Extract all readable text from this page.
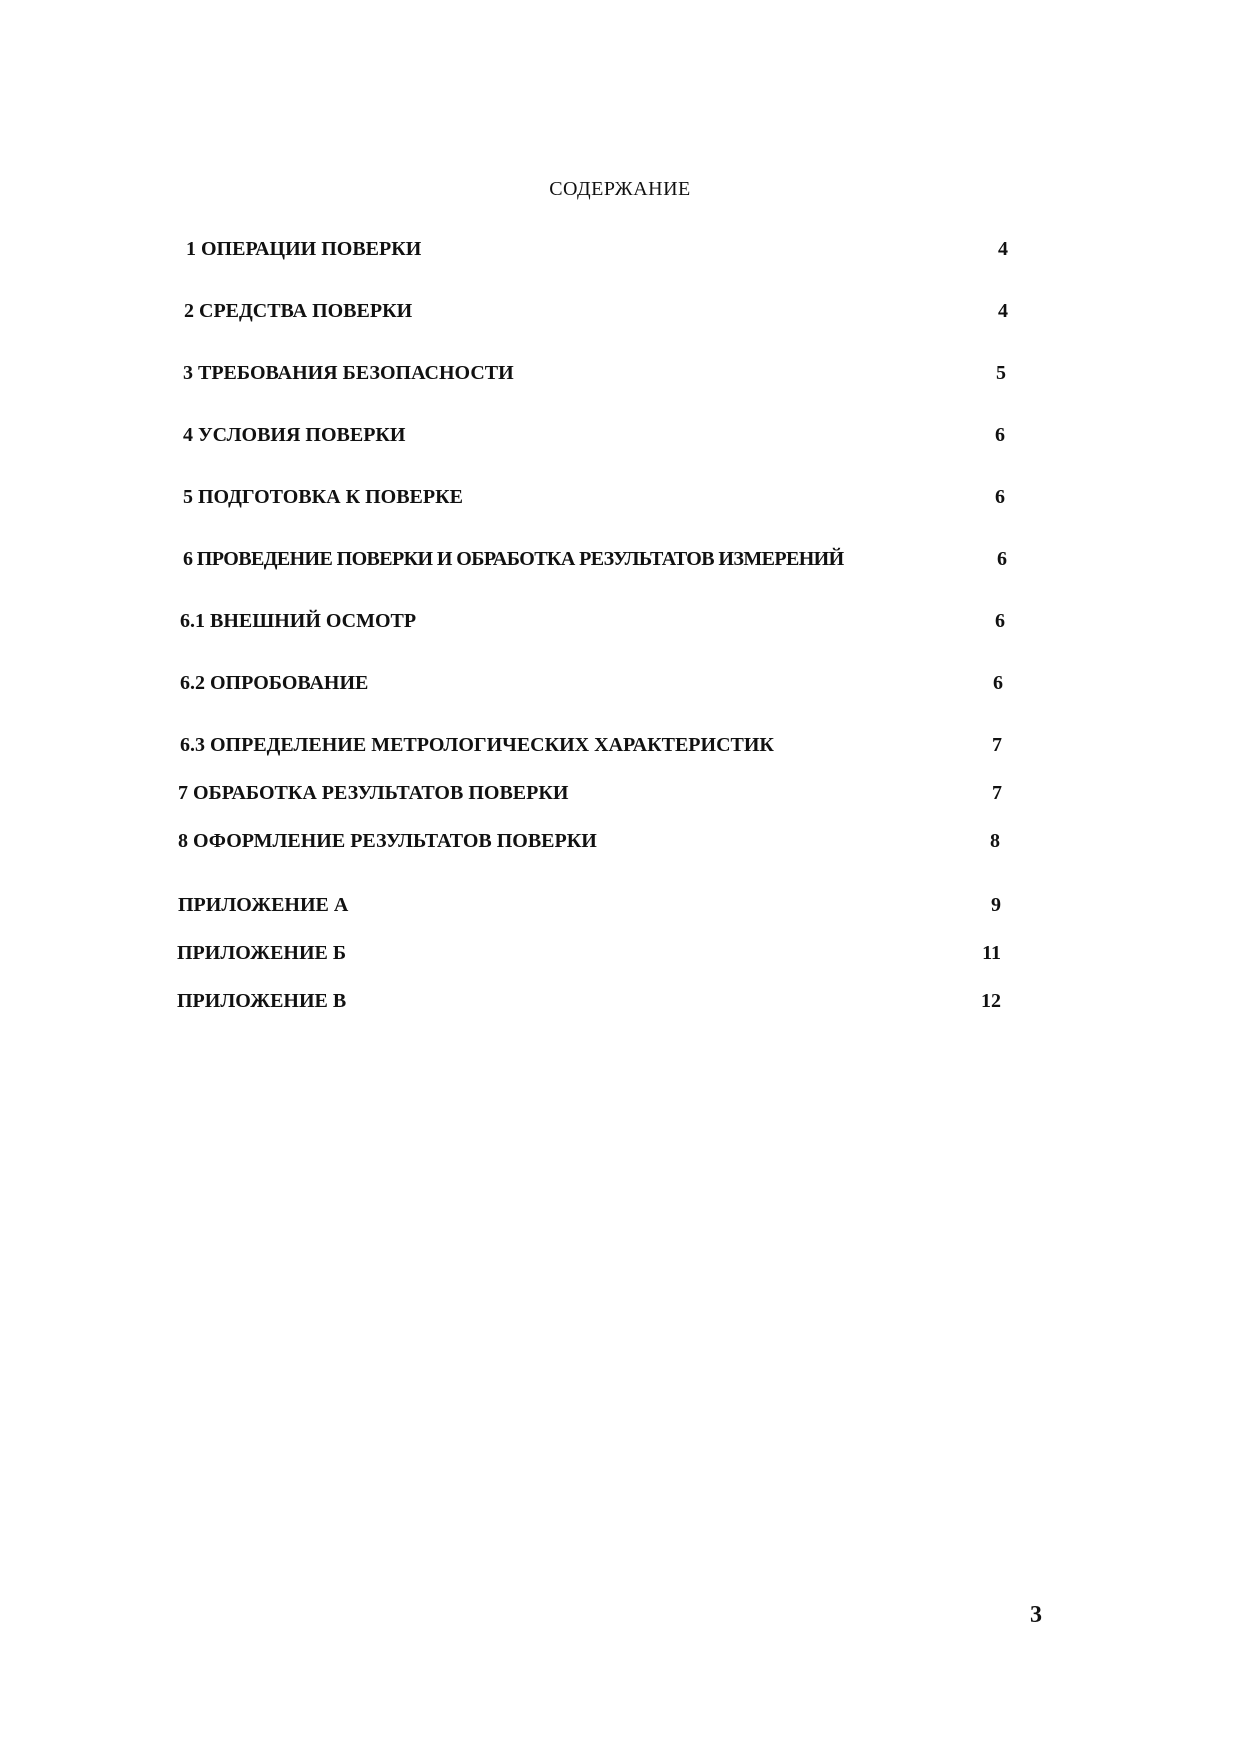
СОДЕРЖАНИЕ
1 ОПЕРАЦИИ ПОВЕРКИ	4
2 СРЕДСТВА ПОВЕРКИ	4
3 ТРЕБОВАНИЯ БЕЗОПАСНОСТИ	5
4 УСЛОВИЯ ПОВЕРКИ	6
5 ПОДГОТОВКА К ПОВЕРКЕ	6
6 ПРОВЕДЕНИЕ ПОВЕРКИ И ОБРАБОТКА РЕЗУЛЬТАТОВ ИЗМЕРЕНИЙ	6
6.1 ВНЕШНИЙ ОСМОТР	6
6.2 ОПРОБОВАНИЕ	6
6.3 ОПРЕДЕЛЕНИЕ МЕТРОЛОГИЧЕСКИХ ХАРАКТЕРИСТИК	7
7 ОБРАБОТКА РЕЗУЛЬТАТОВ ПОВЕРКИ	7
8 ОФОРМЛЕНИЕ РЕЗУЛЬТАТОВ ПОВЕРКИ	8
ПРИЛОЖЕНИЕ А	9
ПРИЛОЖЕНИЕ Б	11
ПРИЛОЖЕНИЕ В	12
3
